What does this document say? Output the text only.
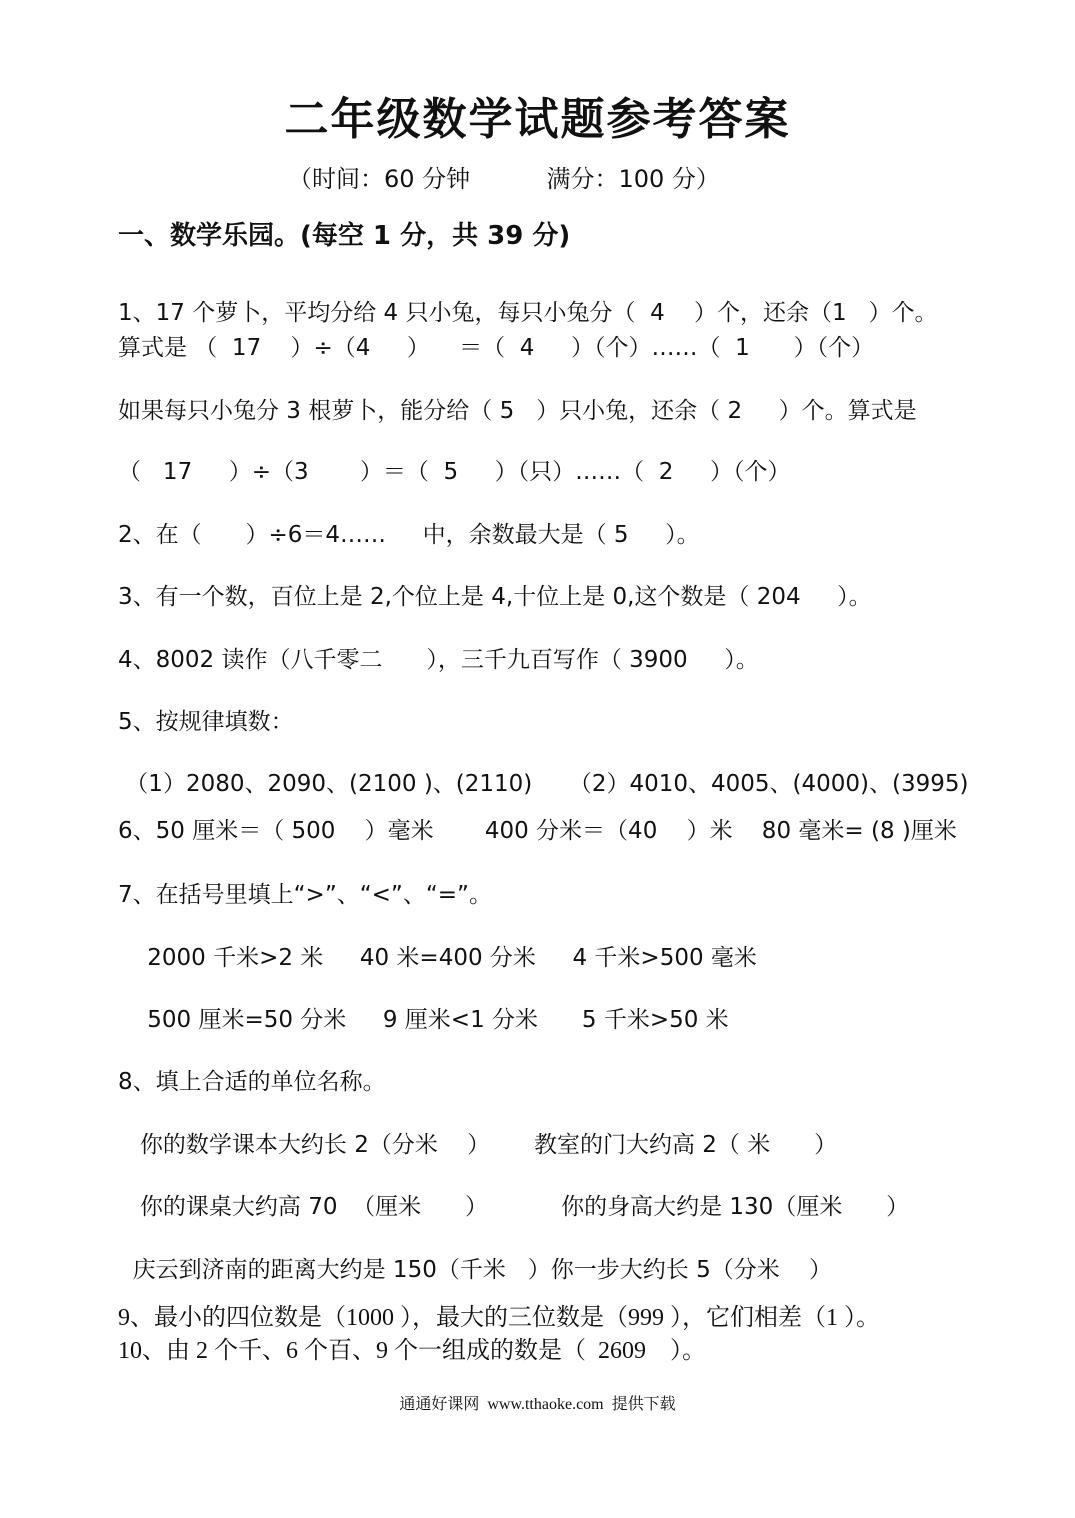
二年级数学试题参考答案
（时间：60 分钟          满分：100 分）
一、数学乐园。(每空 1 分，共 39 分)
1、17 个萝卜，平均分给 4 只小兔，每只小兔分（  4    ）个，还余（1   ）个。
算式是 （  17    ）÷（4     ）    ＝（  4     ）（个）……（  1      ）（个）
如果每只小兔分 3 根萝卜，能分给（ 5   ）只小兔，还余（ 2     ）个。算式是
（   17     ）÷（3       ）＝（  5     ）（只）……（  2     ）（个）
2、在（      ）÷6＝4……     中，余数最大是（ 5     ）。
3、有一个数，百位上是 2,个位上是 4,十位上是 0,这个数是（ 204     ）。
4、8002 读作（八千零二      ），三千九百写作（ 3900     ）。
5、按规律填数：
（1）2080、2090、(2100 )、(2110)     （2）4010、4005、(4000)、(3995)
6、50 厘米＝（ 500    ）毫米       400 分米＝（40    ）米    80 毫米= (8 )厘米
7、在括号里填上“>”、“<”、“=”。
2000 千米>2 米     40 米=400 分米     4 千米>500 毫米
500 厘米=50 分米     9 厘米<1 分米      5 千米>50 米
8、填上合适的单位名称。
你的数学课本大约长 2（分米    ）      教室的门大约高 2（ 米      ）
你的课桌大约高 70  （厘米      ）          你的身高大约是 130（厘米      ）
庆云到济南的距离大约是 150（千米   ）你一步大约长 5（分米    ）
9、最小的四位数是（1000 ），最大的三位数是（999 ），它们相差（1 ）。
10、由 2 个千、6 个百、9 个一组成的数是（  2609    ）。
通通好课网  www.tthaoke.com  提供下载
